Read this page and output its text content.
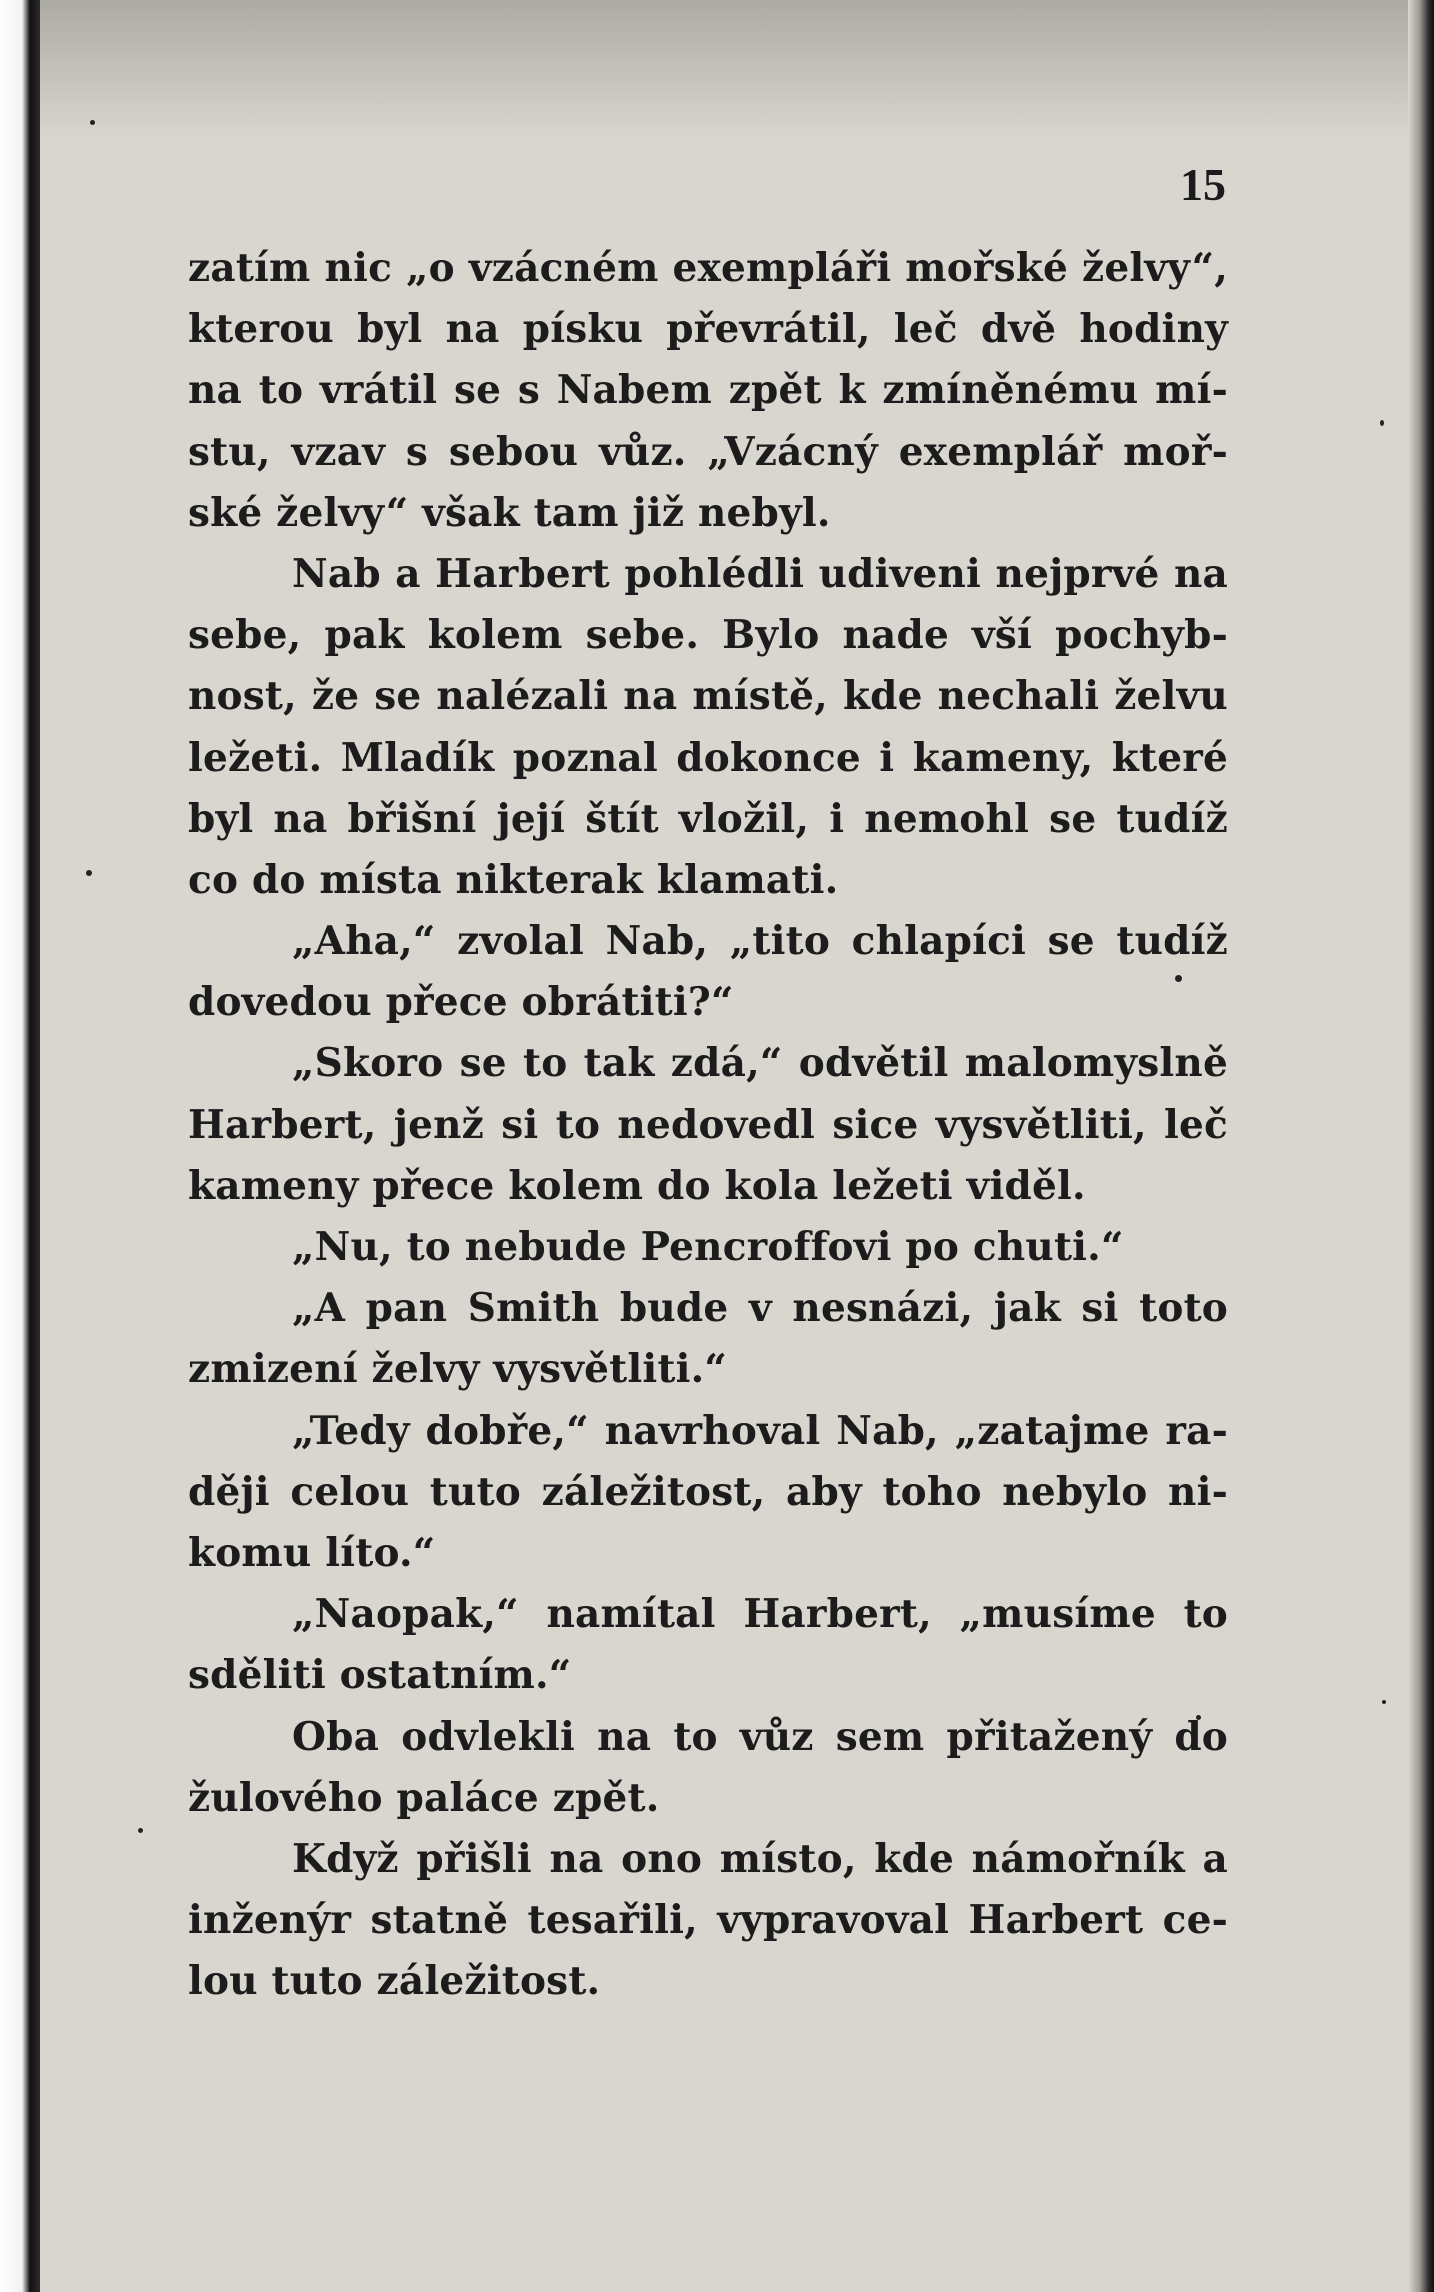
15
zatím nic „o vzácném exempláři mořské želvy“,
kterou byl na písku převrátil, leč dvě hodiny
na to vrátil se s Nabem zpět k zmíněnému mí-
stu, vzav s sebou vůz. „Vzácný exemplář moř-
ské želvy“ však tam již nebyl.
Nab a Harbert pohlédli udiveni nejprvé na
sebe, pak kolem sebe. Bylo nade vší pochyb-
nost, že se nalézali na místě, kde nechali želvu
ležeti. Mladík poznal dokonce i kameny, které
byl na břišní její štít vložil, i nemohl se tudíž
co do místa nikterak klamati.
„Aha,“ zvolal Nab, „tito chlapíci se tudíž
dovedou přece obrátiti?“
„Skoro se to tak zdá,“ odvětil malomyslně
Harbert, jenž si to nedovedl sice vysvětliti, leč
kameny přece kolem do kola ležeti viděl.
„Nu, to nebude Pencroffovi po chuti.“
„A pan Smith bude v nesnázi, jak si toto
zmizení želvy vysvětliti.“
„Tedy dobře,“ navrhoval Nab, „zatajme ra-
ději celou tuto záležitost, aby toho nebylo ni-
komu líto.“
„Naopak,“ namítal Harbert, „musíme to
sděliti ostatním.“
Oba odvlekli na to vůz sem přitažený do
žulového paláce zpět.
Když přišli na ono místo, kde námořník a
inženýr statně tesařili, vypravoval Harbert ce-
lou tuto záležitost.
